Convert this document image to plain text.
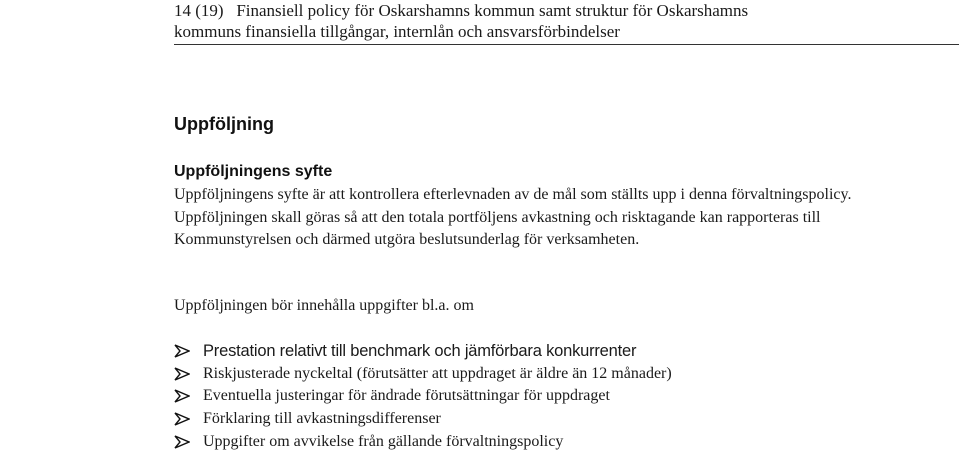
14 (19)   Finansiell policy för Oskarshamns kommun samt struktur för Oskarshamns
kommuns finansiella tillgångar, internlån och ansvarsförbindelser
Uppföljning
Uppföljningens syfte
Uppföljningens syfte är att kontrollera efterlevnaden av de mål som ställts upp i denna förvaltningspolicy. Uppföljningen skall göras så att den totala portföljens avkastning och risktagande kan rapporteras till Kommunstyrelsen och därmed utgöra beslutsunderlag för verksamheten.
Uppföljningen bör innehålla uppgifter bl.a. om
Prestation relativt till benchmark och jämförbara konkurrenter
Riskjusterade nyckeltal (förutsätter att uppdraget är äldre än 12 månader)
Eventuella justeringar för ändrade förutsättningar för uppdraget
Förklaring till avkastningsdifferenser
Uppgifter om avvikelse från gällande förvaltningspolicy
